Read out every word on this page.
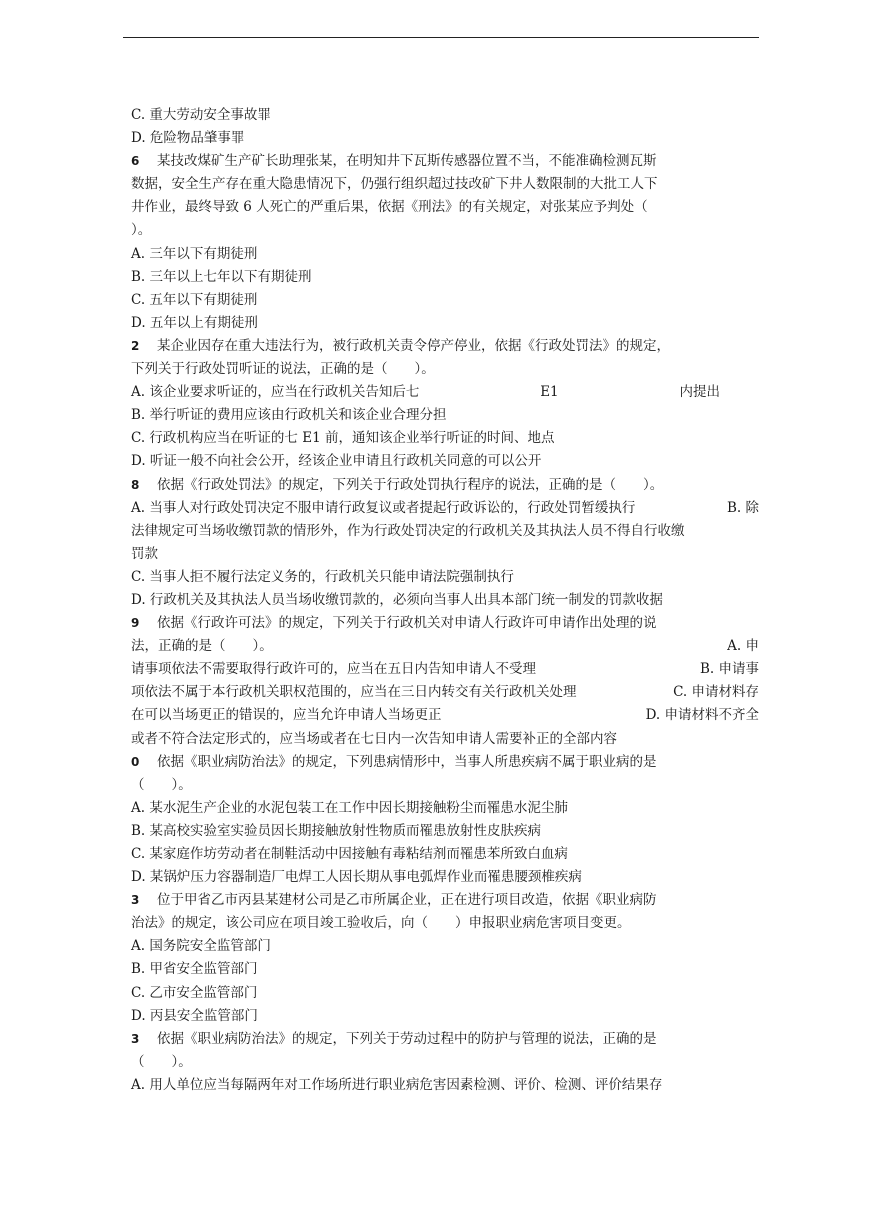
C. 重大劳动安全事故罪
D. 危险物品肇事罪
6 某技改煤矿生产矿长助理张某，在明知井下瓦斯传感器位置不当，不能准确检测瓦斯
数据，安全生产存在重大隐患情况下，仍强行组织超过技改矿下井人数限制的大批工人下
井作业，最终导致 6 人死亡的严重后果，依据《刑法》的有关规定，对张某应予判处（
）。
A. 三年以下有期徒刑
B. 三年以上七年以下有期徒刑
C. 五年以下有期徒刑
D. 五年以上有期徒刑
2 某企业因存在重大违法行为，被行政机关责令停产停业，依据《行政处罚法》的规定，
下列关于行政处罚听证的说法，正确的是（　　）。
A. 该企业要求听证的，应当在行政机关告知后七	E1	内提出
B. 举行听证的费用应该由行政机关和该企业合理分担
C. 行政机构应当在听证的七 E1 前，通知该企业举行听证的时间、地点
D. 听证一般不向社会公开，经该企业申请且行政机关同意的可以公开
8 依据《行政处罚法》的规定，下列关于行政处罚执行程序的说法，正确的是（　　）。
A. 当事人对行政处罚决定不服申请行政复议或者提起行政诉讼的，行政处罚暂缓执行	B. 除
法律规定可当场收缴罚款的情形外，作为行政处罚决定的行政机关及其执法人员不得自行收缴
罚款
C. 当事人拒不履行法定义务的，行政机关只能申请法院强制执行
D. 行政机关及其执法人员当场收缴罚款的，必须向当事人出具本部门统一制发的罚款收据
9 依据《行政许可法》的规定，下列关于行政机关对申请人行政许可申请作出处理的说
法，正确的是（　　）。	A. 申
请事项依法不需要取得行政许可的，应当在五日内告知申请人不受理	B. 申请事
项依法不属于本行政机关职权范围的，应当在三日内转交有关行政机关处理	C. 申请材料存
在可以当场更正的错误的，应当允许申请人当场更正	D. 申请材料不齐全
或者不符合法定形式的，应当场或者在七日内一次告知申请人需要补正的全部内容
0 依据《职业病防治法》的规定，下列患病情形中，当事人所患疾病不属于职业病的是
（　　）。
A. 某水泥生产企业的水泥包装工在工作中因长期接触粉尘而罹患水泥尘肺
B. 某高校实验室实验员因长期接触放射性物质而罹患放射性皮肤疾病
C. 某家庭作坊劳动者在制鞋活动中因接触有毒粘结剂而罹患苯所致白血病
D. 某锅炉压力容器制造厂电焊工人因长期从事电弧焊作业而罹患腰颈椎疾病
3 位于甲省乙市丙县某建材公司是乙市所属企业，正在进行项目改造，依据《职业病防
治法》的规定，该公司应在项目竣工验收后，向（　　）申报职业病危害项目变更。
A. 国务院安全监管部门
B. 甲省安全监管部门
C. 乙市安全监管部门
D. 丙县安全监管部门
3 依据《职业病防治法》的规定，下列关于劳动过程中的防护与管理的说法，正确的是
（　　）。
A. 用人单位应当每隔两年对工作场所进行职业病危害因素检测、评价、检测、评价结果存
